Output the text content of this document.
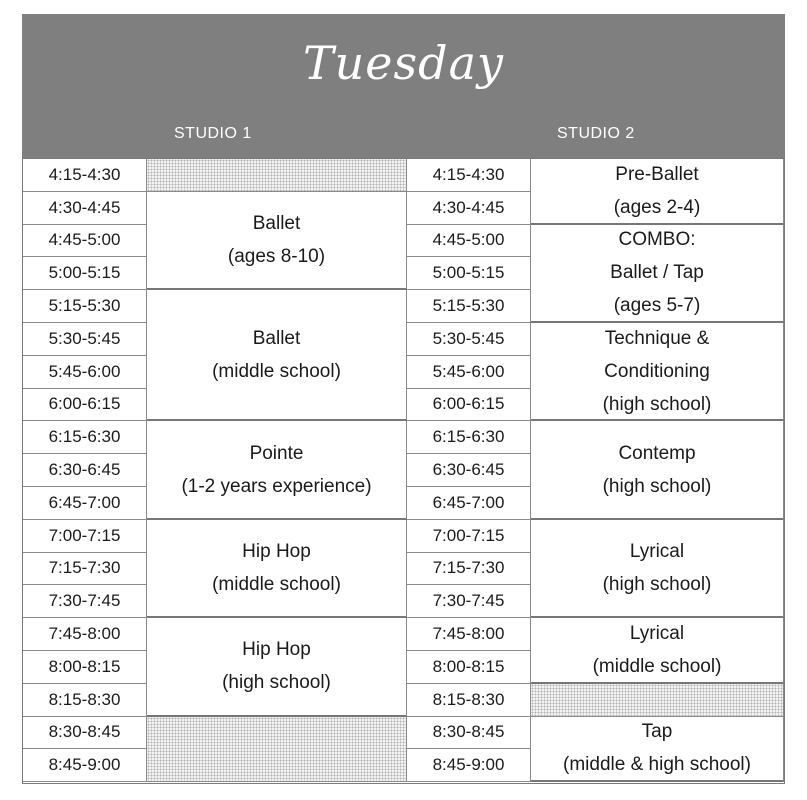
Tuesday
STUDIO 1	STUDIO 2
4:15-4:30
4:30-4:45
4:45-5:00
5:00-5:15
5:15-5:30
5:30-5:45
5:45-6:00
6:00-6:15
6:15-6:30
6:30-6:45
6:45-7:00
7:00-7:15
7:15-7:30
7:30-7:45
7:45-8:00
8:00-8:15
8:15-8:30
8:30-8:45
8:45-9:00
Ballet
(ages 8-10)
Ballet
(middle school)
Pointe
(1-2 years experience)
Hip Hop
(middle school)
Hip Hop
(high school)
4:15-4:30
4:30-4:45
4:45-5:00
5:00-5:15
5:15-5:30
5:30-5:45
5:45-6:00
6:00-6:15
6:15-6:30
6:30-6:45
6:45-7:00
7:00-7:15
7:15-7:30
7:30-7:45
7:45-8:00
8:00-8:15
8:15-8:30
8:30-8:45
8:45-9:00
Pre-Ballet
(ages 2-4)
COMBO:
Ballet / Tap
(ages 5-7)
Technique &
Conditioning
(high school)
Contemp
(high school)
Lyrical
(high school)
Lyrical
(middle school)
Tap
(middle & high school)
